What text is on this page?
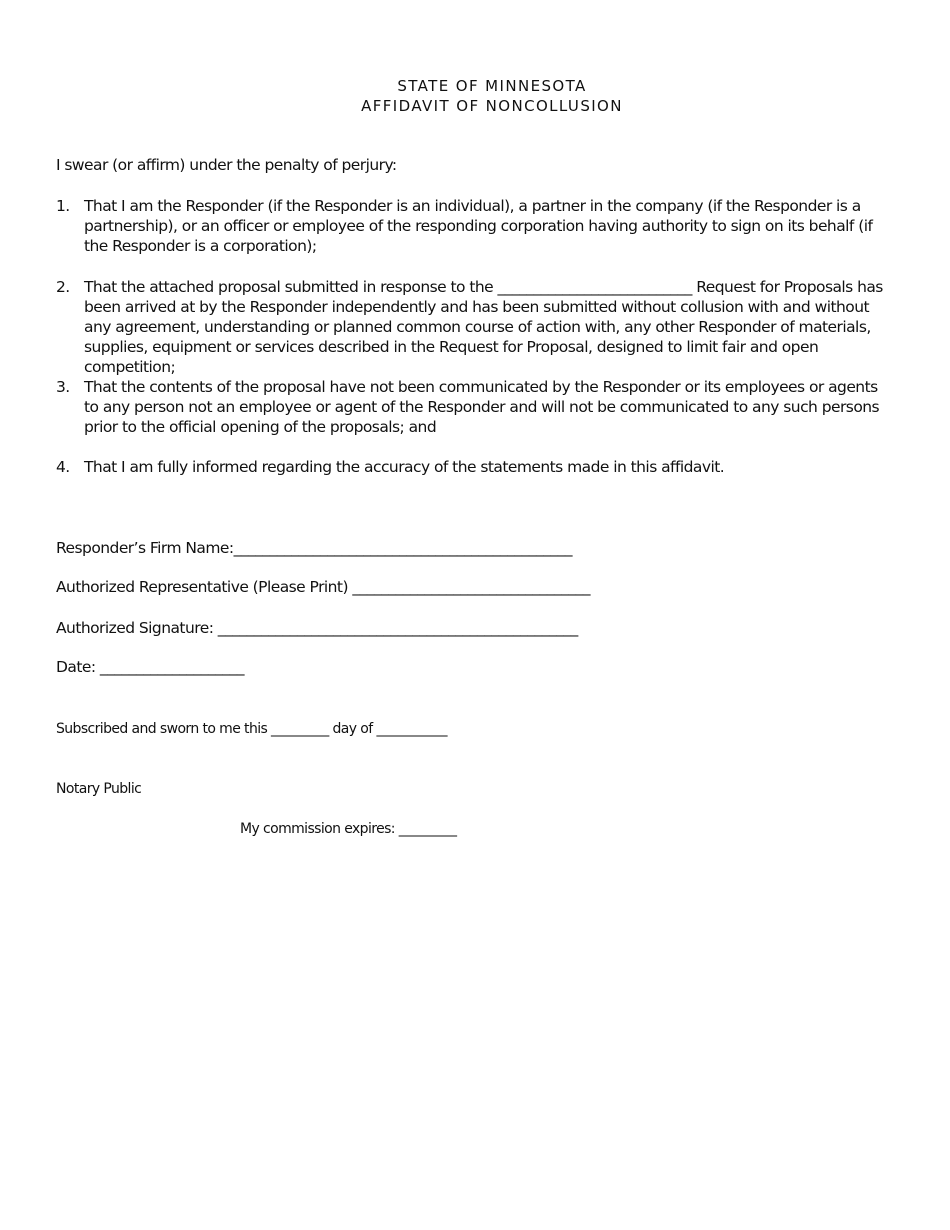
STATE OF MINNESOTA
AFFIDAVIT OF NONCOLLUSION
I swear (or affirm) under the penalty of perjury:
1. That I am the Responder (if the Responder is an individual), a partner in the company (if the Responder is a partnership), or an officer or employee of the responding corporation having authority to sign on its behalf (if the Responder is a corporation);
2. That the attached proposal submitted in response to the ___________________________ Request for Proposals has been arrived at by the Responder independently and has been submitted without collusion with and without any agreement, understanding or planned common course of action with, any other Responder of materials, supplies, equipment or services described in the Request for Proposal, designed to limit fair and open competition;
3. That the contents of the proposal have not been communicated by the Responder or its employees or agents to any person not an employee or agent of the Responder and will not be communicated to any such persons prior to the official opening of the proposals; and
4. That I am fully informed regarding the accuracy of the statements made in this affidavit.
Responder’s Firm Name:_______________________________________________
Authorized Representative (Please Print) _________________________________
Authorized Signature: __________________________________________________
Date: ____________________
Subscribed and sworn to me this _________ day of ___________
Notary Public
My commission expires: _________
